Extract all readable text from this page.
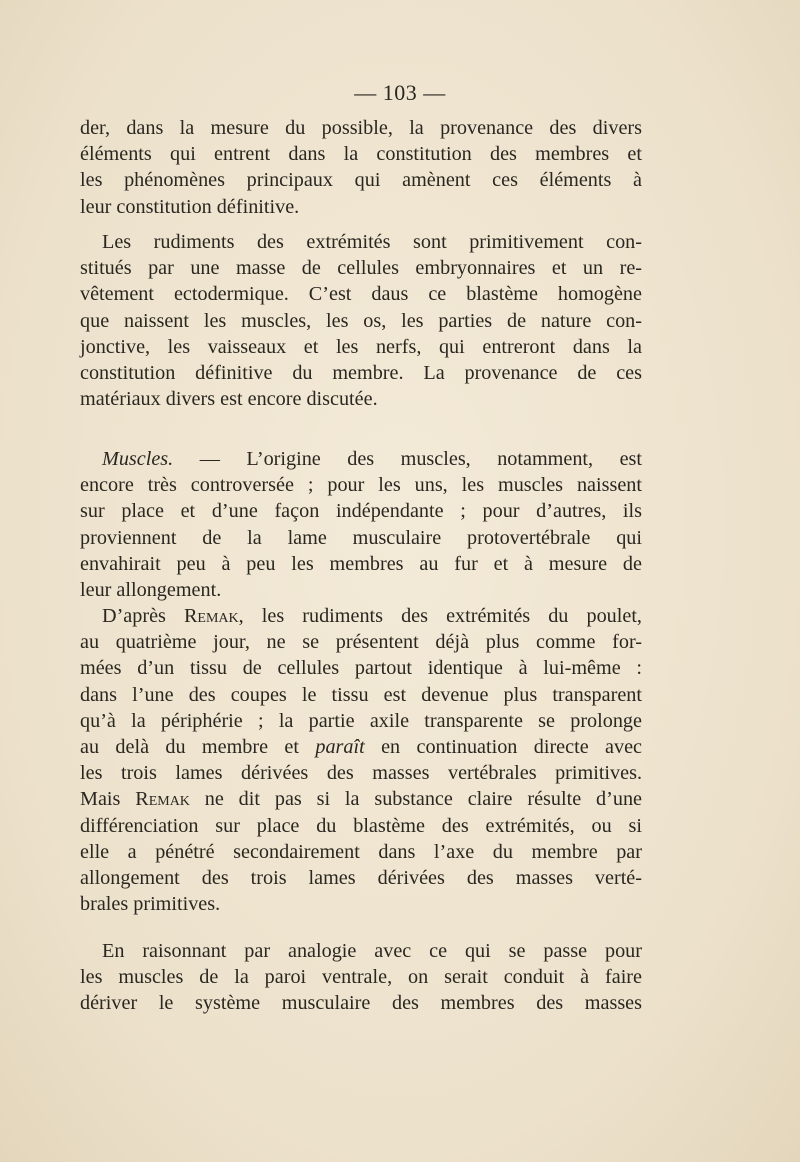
— 103 —
der, dans la mesure du possible, la provenance des divers
éléments qui entrent dans la constitution des membres et
les phénomènes principaux qui amènent ces éléments à
leur constitution définitive.
Les rudiments des extrémités sont primitivement con-
stitués par une masse de cellules embryonnaires et un re-
vêtement ectodermique. C’est daus ce blastème homogène
que naissent les muscles, les os, les parties de nature con-
jonctive, les vaisseaux et les nerfs, qui entreront dans la
constitution définitive du membre. La provenance de ces
matériaux divers est encore discutée.
Muscles. — L’origine des muscles, notamment, est
encore très controversée ; pour les uns, les muscles naissent
sur place et d’une façon indépendante ; pour d’autres, ils
proviennent de la lame musculaire protovertébrale qui
envahirait peu à peu les membres au fur et à mesure de
leur allongement.
D’après Remak, les rudiments des extrémités du poulet,
au quatrième jour, ne se présentent déjà plus comme for-
mées d’un tissu de cellules partout identique à lui-même :
dans l’une des coupes le tissu est devenue plus transparent
qu’à la périphérie ; la partie axile transparente se prolonge
au delà du membre et paraît en continuation directe avec
les trois lames dérivées des masses vertébrales primitives.
Mais Remak ne dit pas si la substance claire résulte d’une
différenciation sur place du blastème des extrémités, ou si
elle a pénétré secondairement dans l’axe du membre par
allongement des trois lames dérivées des masses verté-
brales primitives.
En raisonnant par analogie avec ce qui se passe pour
les muscles de la paroi ventrale, on serait conduit à faire
dériver le système musculaire des membres des masses
